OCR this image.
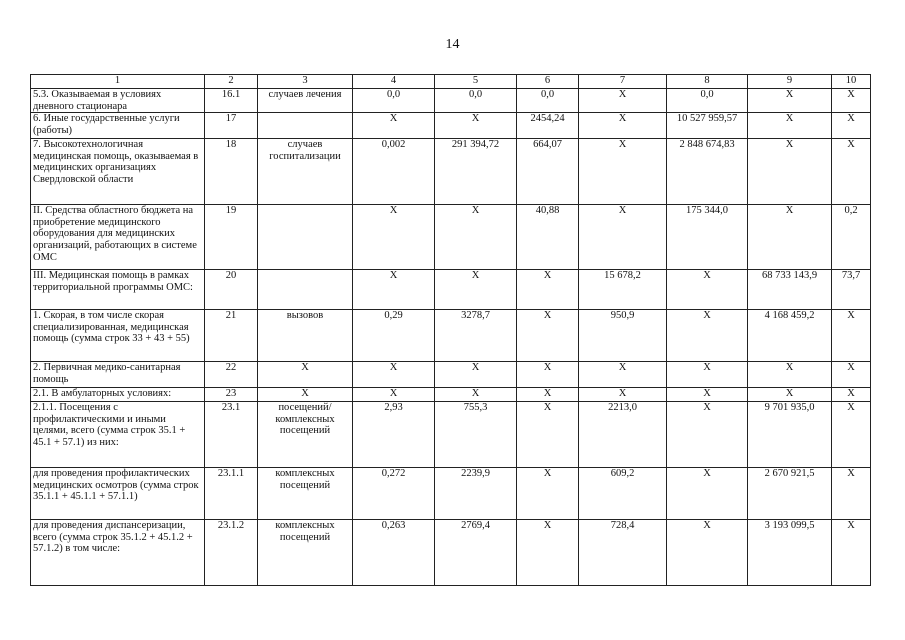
14
1	2	3	4	5	6	7	8	9	10
5.3. Оказываемая в условиях дневного стационара	16.1	случаев лечения	0,0	0,0	0,0	X	0,0	X	X
6. Иные государственные услуги (работы)	17		X	X	2454,24	X	10 527 959,57	X	X
7. Высокотехнологичная медицинская помощь, оказываемая в медицинских организациях Свердловской области	18	случаев госпитализации	0,002	291 394,72	664,07	X	2 848 674,83	X	X
II. Средства областного бюджета на приобретение медицинского оборудования для медицинских организаций, работающих в системе ОМС	19		X	X	40,88	X	175 344,0	X	0,2
III. Медицинская помощь в рамках территориальной программы ОМС:	20		X	X	X	15 678,2	X	68 733 143,9	73,7
1. Скорая, в том числе скорая специализированная, медицинская помощь (сумма строк 33 + 43 + 55)	21	вызовов	0,29	3278,7	X	950,9	X	4 168 459,2	X
2. Первичная медико-санитарная помощь	22	X	X	X	X	X	X	X	X
2.1. В амбулаторных условиях:	23	X	X	X	X	X	X	X	X
2.1.1. Посещения с профилактическими и иными целями, всего (сумма строк 35.1 + 45.1 + 57.1) из них:	23.1	посещений/ комплексных посещений	2,93	755,3	X	2213,0	X	9 701 935,0	X
для проведения профилактических медицинских осмотров (сумма строк 35.1.1 + 45.1.1 + 57.1.1)	23.1.1	комплексных посещений	0,272	2239,9	X	609,2	X	2 670 921,5	X
для проведения диспансеризации, всего (сумма строк 35.1.2 + 45.1.2 + 57.1.2) в том числе:	23.1.2	комплексных посещений	0,263	2769,4	X	728,4	X	3 193 099,5	X
